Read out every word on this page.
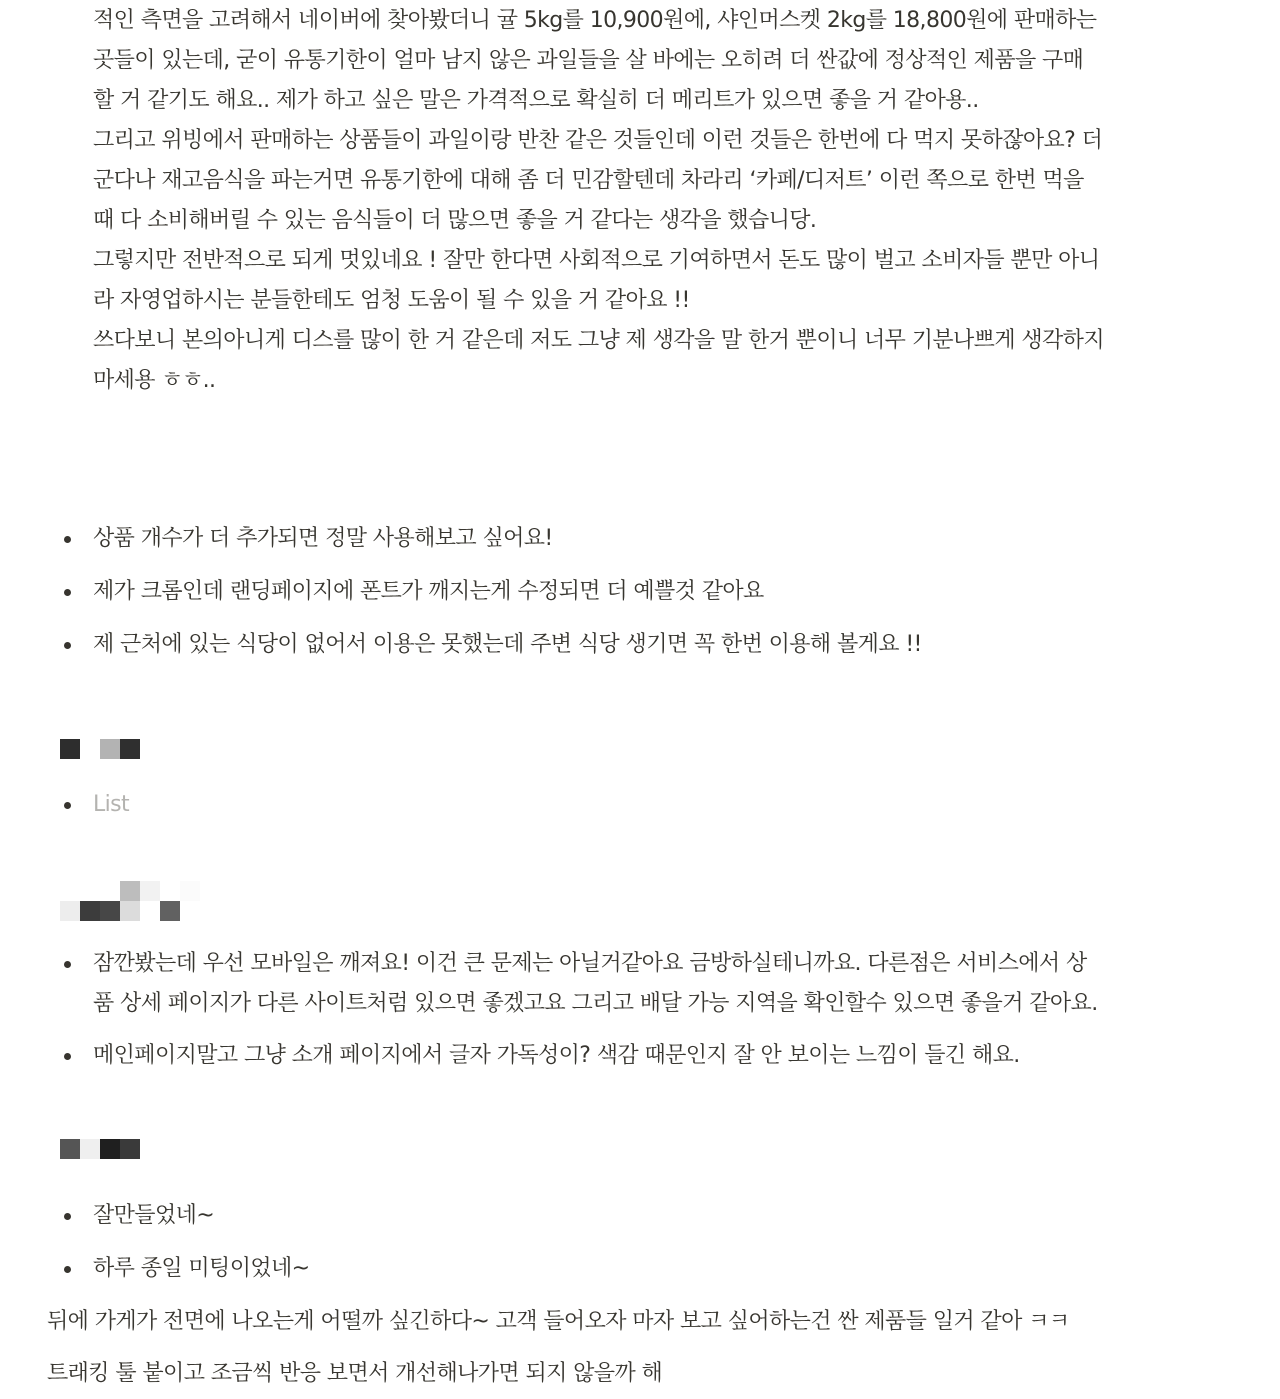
적인 측면을 고려해서 네이버에 찾아봤더니 귤 5kg를 10,900원에, 샤인머스켓 2kg를 18,800원에 판매하는
곳들이 있는데, 굳이 유통기한이 얼마 남지 않은 과일들을 살 바에는 오히려 더 싼값에 정상적인 제품을 구매
할 거 같기도 해요.. 제가 하고 싶은 말은 가격적으로 확실히 더 메리트가 있으면 좋을 거 같아용..
그리고 위빙에서 판매하는 상품들이 과일이랑 반찬 같은 것들인데 이런 것들은 한번에 다 먹지 못하잖아요? 더
군다나 재고음식을 파는거면 유통기한에 대해 좀 더 민감할텐데 차라리 ‘카페/디저트’ 이런 쪽으로 한번 먹을
때 다 소비해버릴 수 있는 음식들이 더 많으면 좋을 거 같다는 생각을 했습니당.
그렇지만 전반적으로 되게 멋있네요 ! 잘만 한다면 사회적으로 기여하면서 돈도 많이 벌고 소비자들 뿐만 아니
라 자영업하시는 분들한테도 엄청 도움이 될 수 있을 거 같아요 !!
쓰다보니 본의아니게 디스를 많이 한 거 같은데 저도 그냥 제 생각을 말 한거 뿐이니 너무 기분나쁘게 생각하지
마세용 ㅎㅎ..
상품 개수가 더 추가되면 정말 사용해보고 싶어요!
제가 크롬인데 랜딩페이지에 폰트가 깨지는게 수정되면 더 예쁠것 같아요
제 근처에 있는 식당이 없어서 이용은 못했는데 주변 식당 생기면 꼭 한번 이용해 볼게요 !!
List
잠깐봤는데 우선 모바일은 깨져요! 이건 큰 문제는 아닐거같아요 금방하실테니까요. 다른점은 서비스에서 상
품 상세 페이지가 다른 사이트처럼 있으면 좋겠고요 그리고 배달 가능 지역을 확인할수 있으면 좋을거 같아요.
메인페이지말고 그냥 소개 페이지에서 글자 가독성이? 색감 때문인지 잘 안 보이는 느낌이 들긴 해요.
잘만들었네~
하루 종일 미팅이었네~
뒤에 가게가 전면에 나오는게 어떨까 싶긴하다~ 고객 들어오자 마자 보고 싶어하는건 싼 제품들 일거 같아 ㅋㅋ
트래킹 툴 붙이고 조금씩 반응 보면서 개선해나가면 되지 않을까 해
